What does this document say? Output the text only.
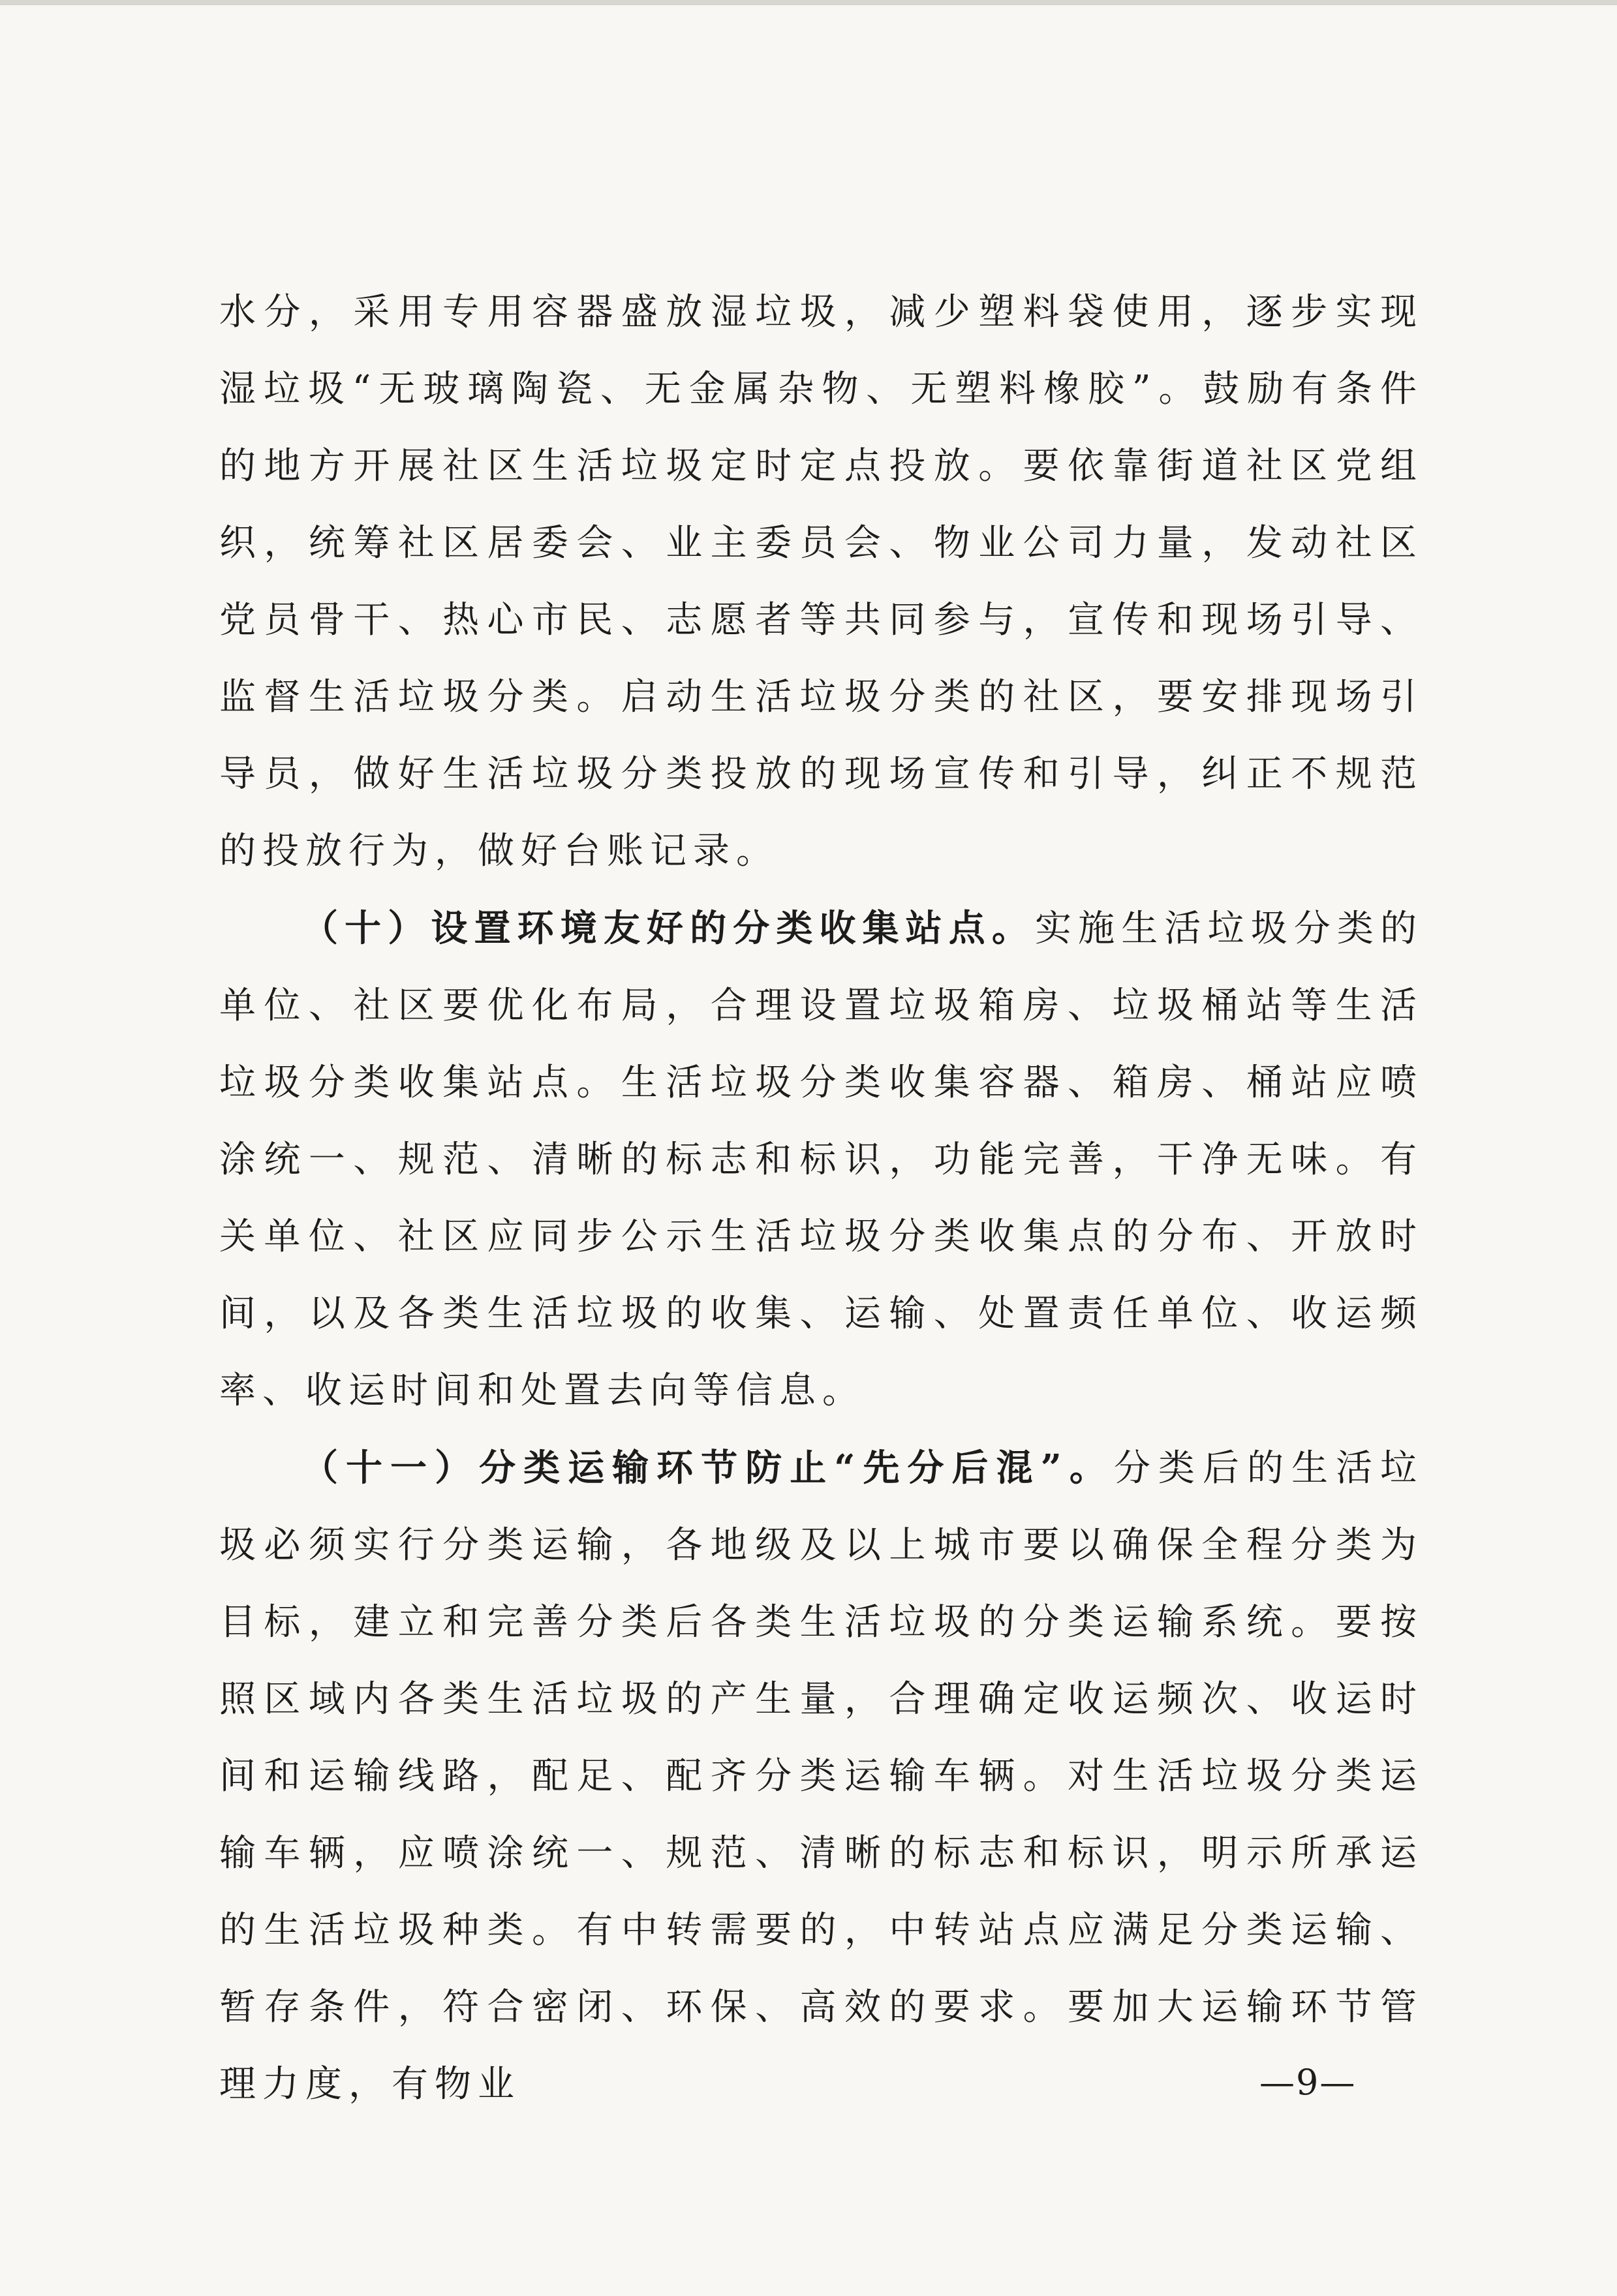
水分，采用专用容器盛放湿垃圾，减少塑料袋使用，逐步实现湿垃圾“无玻璃陶瓷、无金属杂物、无塑料橡胶”。鼓励有条件的地方开展社区生活垃圾定时定点投放。要依靠街道社区党组织，统筹社区居委会、业主委员会、物业公司力量，发动社区党员骨干、热心市民、志愿者等共同参与，宣传和现场引导、监督生活垃圾分类。启动生活垃圾分类的社区，要安排现场引导员，做好生活垃圾分类投放的现场宣传和引导，纠正不规范的投放行为，做好台账记录。

（十）设置环境友好的分类收集站点。实施生活垃圾分类的单位、社区要优化布局，合理设置垃圾箱房、垃圾桶站等生活垃圾分类收集站点。生活垃圾分类收集容器、箱房、桶站应喷涂统一、规范、清晰的标志和标识，功能完善，干净无味。有关单位、社区应同步公示生活垃圾分类收集点的分布、开放时间，以及各类生活垃圾的收集、运输、处置责任单位、收运频率、收运时间和处置去向等信息。

（十一）分类运输环节防止“先分后混”。分类后的生活垃圾必须实行分类运输，各地级及以上城市要以确保全程分类为目标，建立和完善分类后各类生活垃圾的分类运输系统。要按照区域内各类生活垃圾的产生量，合理确定收运频次、收运时间和运输线路，配足、配齐分类运输车辆。对生活垃圾分类运输车辆，应喷涂统一、规范、清晰的标志和标识，明示所承运的生活垃圾种类。有中转需要的，中转站点应满足分类运输、暂存条件，符合密闭、环保、高效的要求。要加大运输环节管理力度，有物业	—9—
